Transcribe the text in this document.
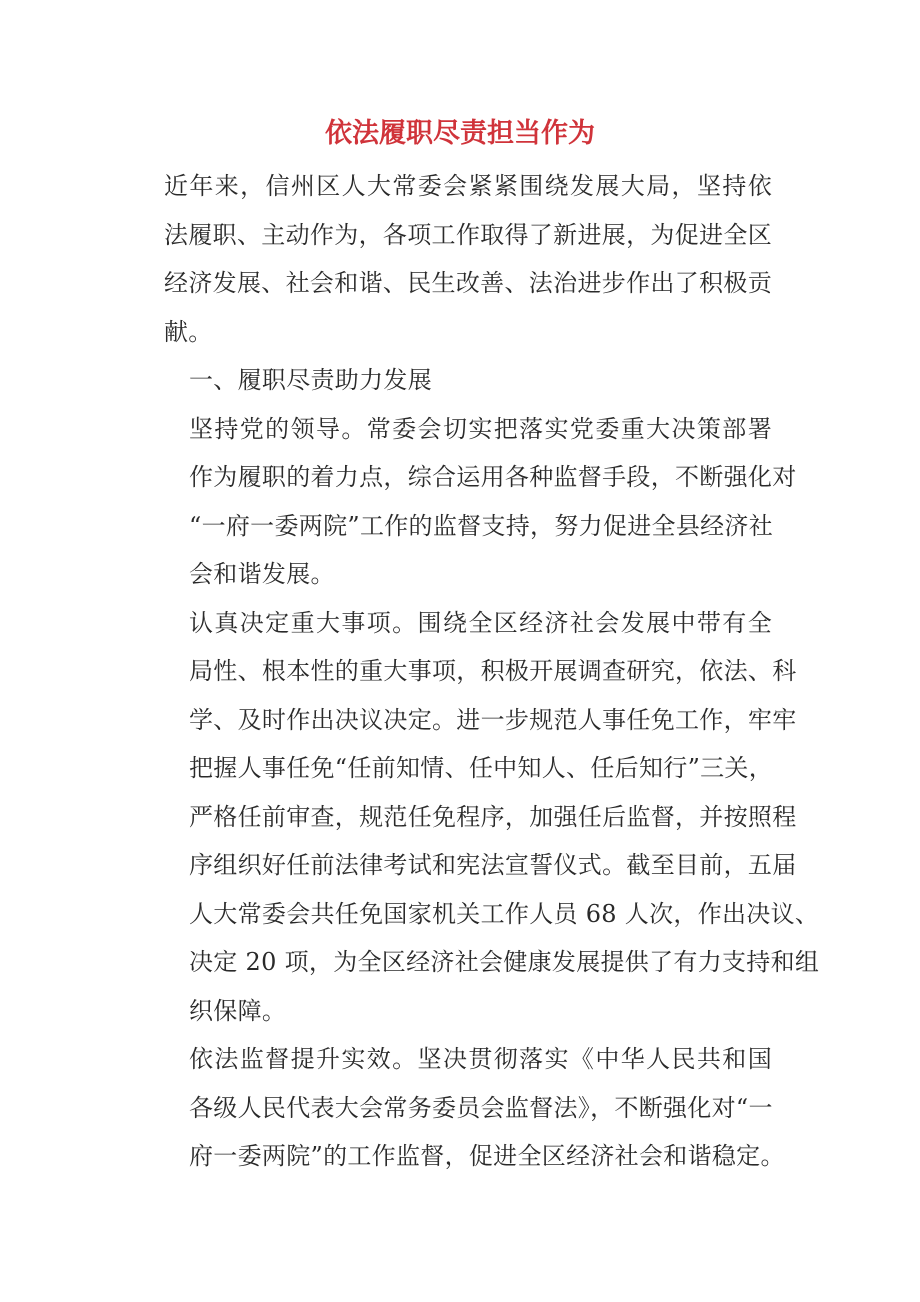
依法履职尽责担当作为

近年来，信州区人大常委会紧紧围绕发展大局，坚持依
法履职、主动作为，各项工作取得了新进展，为促进全区
经济发展、社会和谐、民生改善、法治进步作出了积极贡
献。

一、履职尽责助力发展

坚持党的领导。常委会切实把落实党委重大决策部署
作为履职的着力点，综合运用各种监督手段，不断强化对
“一府一委两院”工作的监督支持，努力促进全县经济社
会和谐发展。

认真决定重大事项。围绕全区经济社会发展中带有全
局性、根本性的重大事项，积极开展调查研究，依法、科
学、及时作出决议决定。进一步规范人事任免工作，牢牢
把握人事任免“任前知情、任中知人、任后知行”三关，
严格任前审查，规范任免程序，加强任后监督，并按照程
序组织好任前法律考试和宪法宣誓仪式。截至目前，五届
人大常委会共任免国家机关工作人员 68 人次，作出决议、
决定 20 项，为全区经济社会健康发展提供了有力支持和组
织保障。

依法监督提升实效。坚决贯彻落实《中华人民共和国
各级人民代表大会常务委员会监督法》，不断强化对“一
府一委两院”的工作监督，促进全区经济社会和谐稳定。
